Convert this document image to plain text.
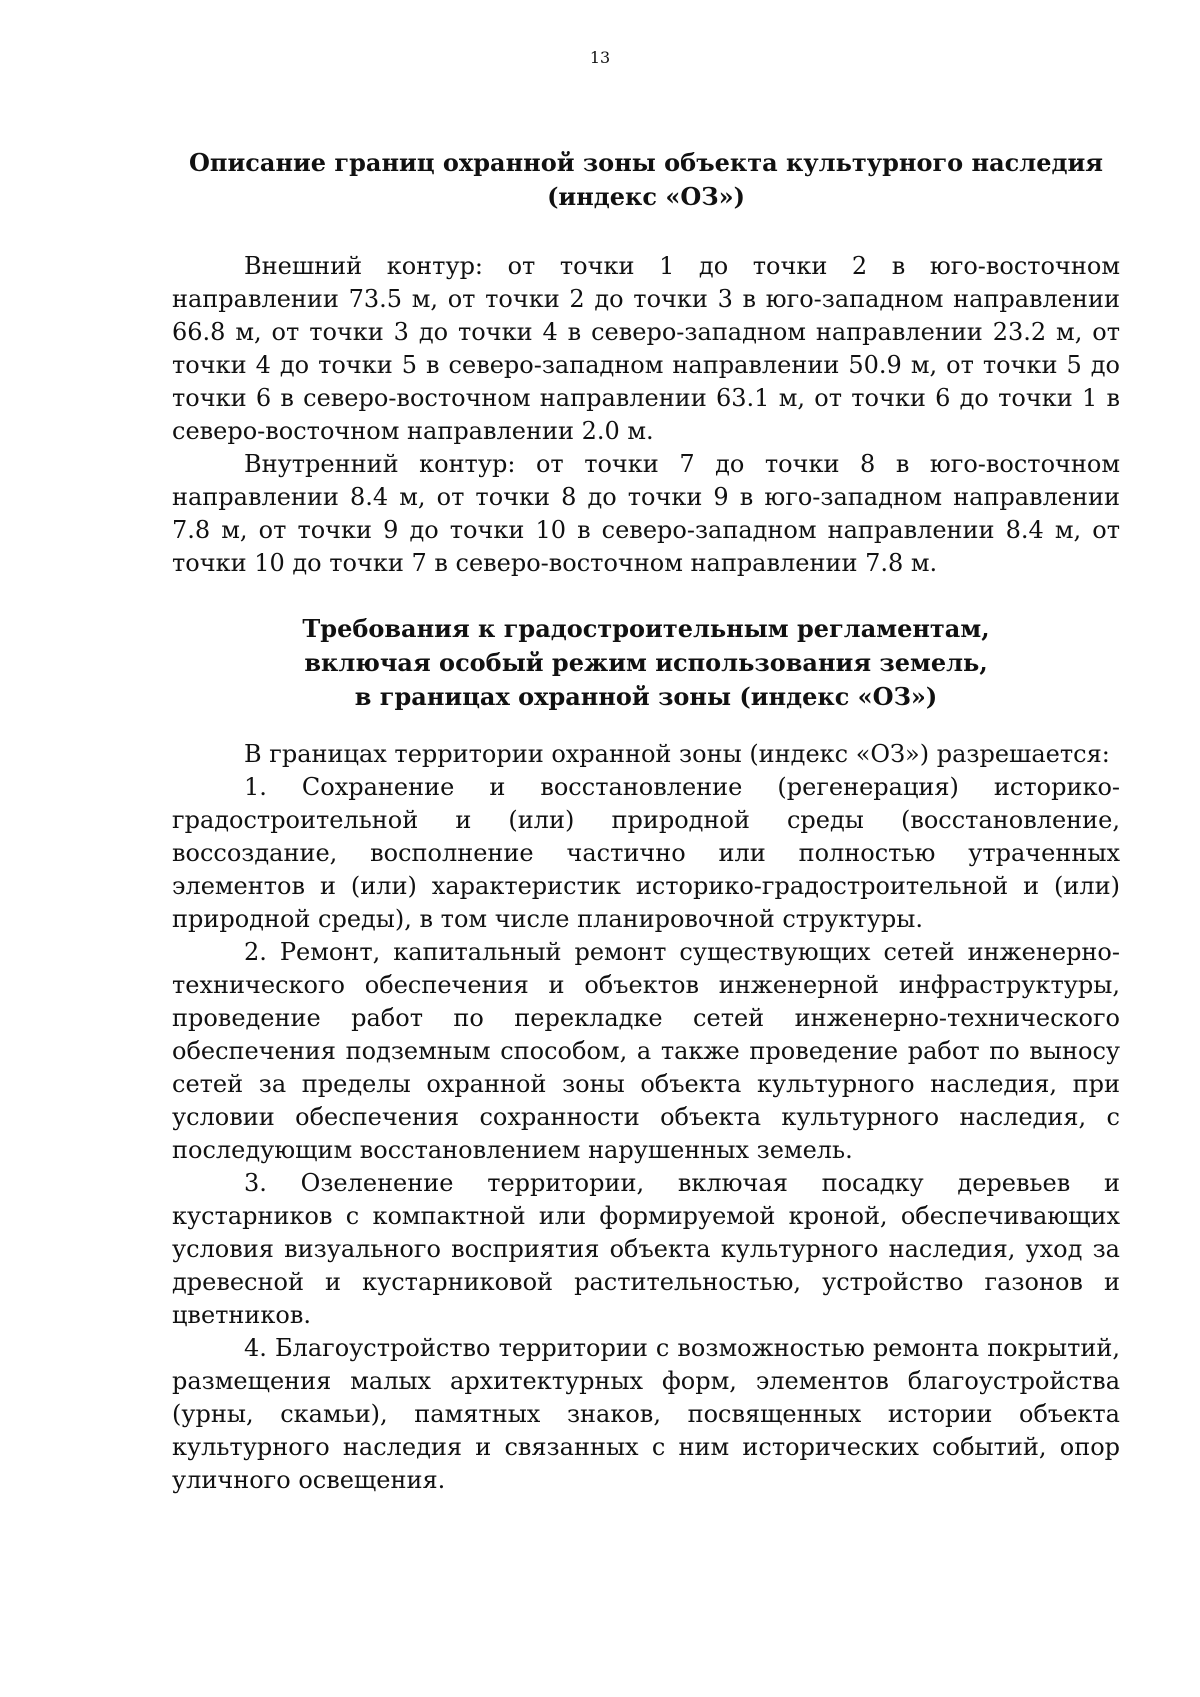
13
Описание границ охранной зоны объекта культурного наследия
(индекс «ОЗ»)

Внешний контур: от точки 1 до точки 2 в юго-восточном направлении 73.5 м, от точки 2 до точки 3 в юго-западном направлении 66.8 м, от точки 3 до точки 4 в северо-западном направлении 23.2 м, от точки 4 до точки 5 в северо-западном направлении 50.9 м, от точки 5 до точки 6 в северо-восточном направлении 63.1 м, от точки 6 до точки 1 в северо-восточном направлении 2.0 м.

Внутренний контур: от точки 7 до точки 8 в юго-восточном направлении 8.4 м, от точки 8 до точки 9 в юго-западном направлении 7.8 м, от точки 9 до точки 10 в северо-западном направлении 8.4 м, от точки 10 до точки 7 в северо-восточном направлении 7.8 м.

Требования к градостроительным регламентам,
включая особый режим использования земель,
в границах охранной зоны (индекс «ОЗ»)

В границах территории охранной зоны (индекс «ОЗ») разрешается:

1. Сохранение и восстановление (регенерация) историко-градостроительной и (или) природной среды (восстановление, воссоздание, восполнение частично или полностью утраченных элементов и (или) характеристик историко-градостроительной и (или) природной среды), в том числе планировочной структуры.

2. Ремонт, капитальный ремонт существующих сетей инженерно-технического обеспечения и объектов инженерной инфраструктуры, проведение работ по перекладке сетей инженерно-технического обеспечения подземным способом, а также проведение работ по выносу сетей за пределы охранной зоны объекта культурного наследия, при условии обеспечения сохранности объекта культурного наследия, с последующим восстановлением нарушенных земель.

3. Озеленение территории, включая посадку деревьев и кустарников с компактной или формируемой кроной, обеспечивающих условия визуального восприятия объекта культурного наследия, уход за древесной и кустарниковой растительностью, устройство газонов и цветников.

4. Благоустройство территории с возможностью ремонта покрытий, размещения малых архитектурных форм, элементов благоустройства (урны, скамьи), памятных знаков, посвященных истории объекта культурного наследия и связанных с ним исторических событий, опор уличного освещения.
